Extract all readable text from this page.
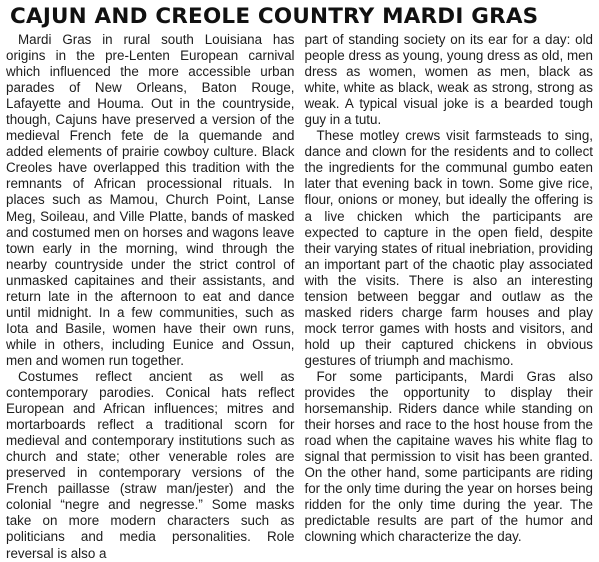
CAJUN AND CREOLE COUNTRY MARDI GRAS

Mardi Gras in rural south Louisiana has origins in the pre-Lenten European carnival which influenced the more accessible urban parades of New Orleans, Baton Rouge, Lafayette and Houma. Out in the countryside, though, Cajuns have preserved a version of the medieval French fete de la quemande and added elements of prairie cowboy culture. Black Creoles have overlapped this tradition with the remnants of African processional rituals. In places such as Mamou, Church Point, Lanse Meg, Soileau, and Ville Platte, bands of masked and costumed men on horses and wagons leave town early in the morning, wind through the nearby countryside under the strict control of unmasked capitaines and their assistants, and return late in the afternoon to eat and dance until midnight. In a few communities, such as Iota and Basile, women have their own runs, while in others, including Eunice and Ossun, men and women run together.

Costumes reflect ancient as well as contemporary parodies. Conical hats reflect European and African influences; mitres and mortarboards reflect a traditional scorn for medieval and contemporary institutions such as church and state; other venerable roles are preserved in contemporary versions of the French paillasse (straw man/jester) and the colonial “negre and negresse.” Some masks take on more modern characters such as politicians and media personalities. Role reversal is also a

part of standing society on its ear for a day: old people dress as young, young dress as old, men dress as women, women as men, black as white, white as black, weak as strong, strong as weak. A typical visual joke is a bearded tough guy in a tutu.

These motley crews visit farmsteads to sing, dance and clown for the residents and to collect the ingredients for the communal gumbo eaten later that evening back in town. Some give rice, flour, onions or money, but ideally the offering is a live chicken which the participants are expected to capture in the open field, despite their varying states of ritual inebriation, providing an important part of the chaotic play associated with the visits. There is also an interesting tension between beggar and outlaw as the masked riders charge farm houses and play mock terror games with hosts and visitors, and hold up their captured chickens in obvious gestures of triumph and machismo.

For some participants, Mardi Gras also provides the opportunity to display their horsemanship. Riders dance while standing on their horses and race to the host house from the road when the capitaine waves his white flag to signal that permission to visit has been granted. On the other hand, some participants are riding for the only time during the year on horses being ridden for the only time during the year. The predictable results are part of the humor and clowning which characterize the day.
